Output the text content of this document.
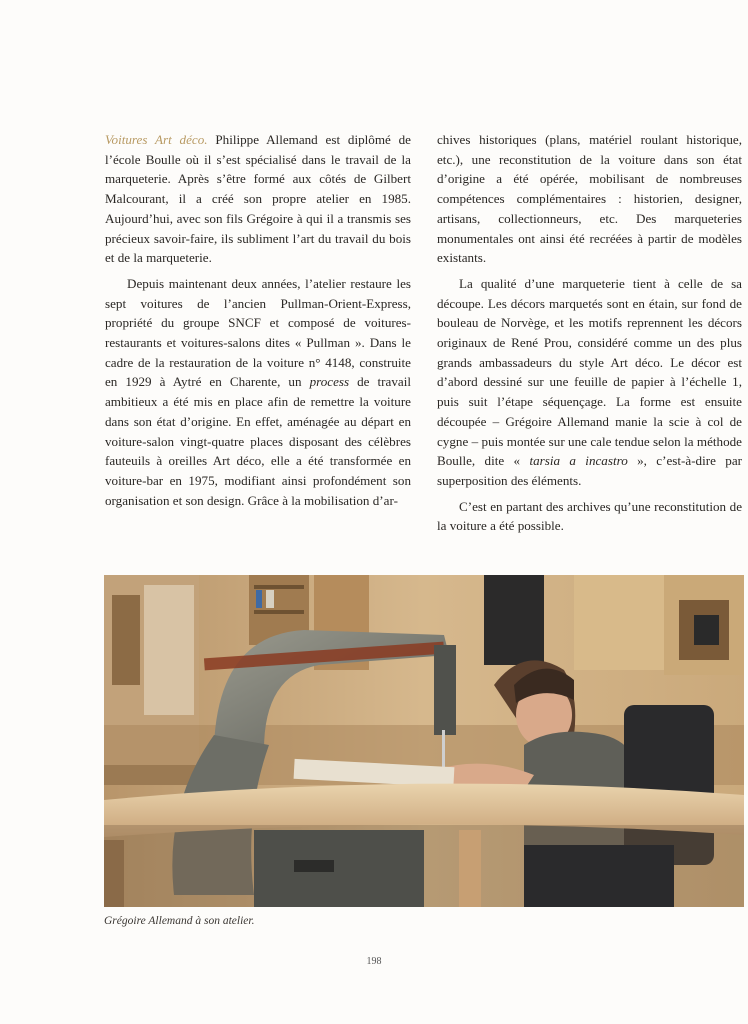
Voitures Art déco. Philippe Allemand est diplômé de l’école Boulle où il s’est spécialisé dans le travail de la marqueterie. Après s’être formé aux côtés de Gilbert Malcourant, il a créé son propre atelier en 1985. Aujourd’hui, avec son fils Grégoire à qui il a transmis ses précieux savoir-faire, ils subliment l’art du travail du bois et de la marqueterie.

Depuis maintenant deux années, l’atelier restaure les sept voitures de l’ancien Pullman-Orient-Express, propriété du groupe SNCF et composé de voitures-restaurants et voitures-salons dites « Pullman ». Dans le cadre de la restauration de la voiture n° 4148, construite en 1929 à Aytré en Charente, un process de travail ambitieux a été mis en place afin de remettre la voiture dans son état d’origine. En effet, aménagée au départ en voiture-salon vingt-quatre places disposant des célèbres fauteuils à oreilles Art déco, elle a été transformée en voiture-bar en 1975, modifiant ainsi profondément son organisation et son design. Grâce à la mobilisation d’ar-

chives historiques (plans, matériel roulant historique, etc.), une reconstitution de la voiture dans son état d’origine a été opérée, mobilisant de nombreuses compétences complémentaires : historien, designer, artisans, collectionneurs, etc. Des marqueteries monumentales ont ainsi été recréées à partir de modèles existants.

La qualité d’une marqueterie tient à celle de sa découpe. Les décors marquetés sont en étain, sur fond de bouleau de Norvège, et les motifs reprennent les décors originaux de René Prou, considéré comme un des plus grands ambassadeurs du style Art déco. Le décor est d’abord dessiné sur une feuille de papier à l’échelle 1, puis suit l’étape séquençage. La forme est ensuite découpée – Grégoire Allemand manie la scie à col de cygne – puis montée sur une cale tendue selon la méthode Boulle, dite « tarsia a incastro », c’est-à-dire par superposition des éléments.

C’est en partant des archives qu’une reconstitution de la voiture a été possible.

Grégoire Allemand à son atelier.
198
